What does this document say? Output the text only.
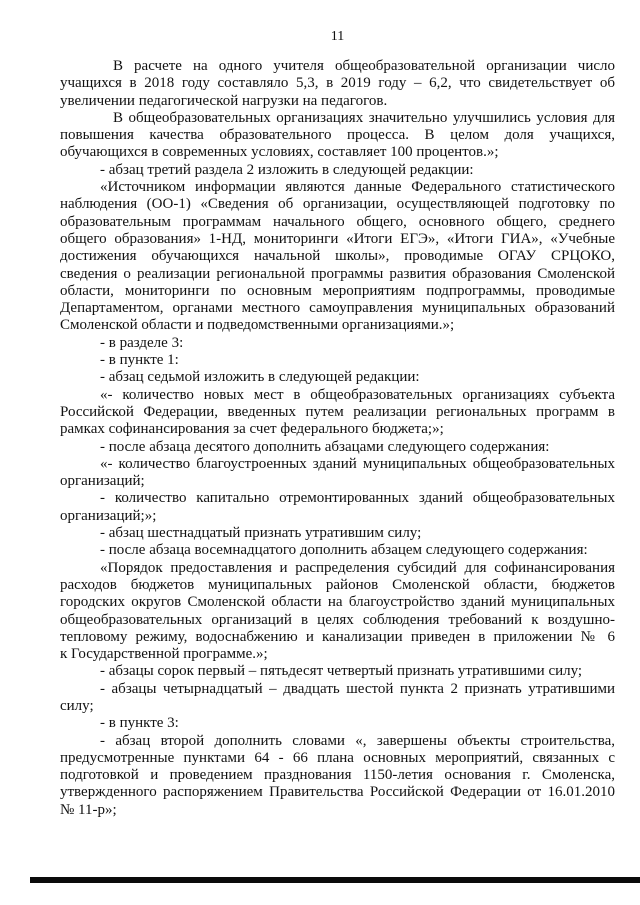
11
В расчете на одного учителя общеобразовательной организации число
учащихся в 2018 году составляло 5,3, в 2019 году – 6,2, что свидетельствует об
увеличении педагогической нагрузки на педагогов.
В общеобразовательных организациях значительно улучшились условия для
повышения качества образовательного процесса. В целом доля учащихся,
обучающихся в современных условиях, составляет 100 процентов.»;
- абзац третий раздела 2 изложить в следующей редакции:
«Источником информации являются данные Федерального статистического
наблюдения (ОО-1) «Сведения об организации, осуществляющей подготовку по
образовательным программам начального общего, основного общего, среднего
общего образования» 1-НД, мониторинги «Итоги ЕГЭ», «Итоги ГИА», «Учебные
достижения обучающихся начальной школы», проводимые ОГАУ СРЦОКО,
сведения о реализации региональной программы развития образования Смоленской
области, мониторинги по основным мероприятиям подпрограммы, проводимые
Департаментом, органами местного самоуправления муниципальных образований
Смоленской области и подведомственными организациями.»;
- в разделе 3:
- в пункте 1:
- абзац седьмой изложить в следующей редакции:
«- количество новых мест в общеобразовательных организациях субъекта
Российской Федерации, введенных путем реализации региональных программ в
рамках софинансирования за счет федерального бюджета;»;
- после абзаца десятого дополнить абзацами следующего содержания:
«- количество благоустроенных зданий муниципальных общеобразовательных
организаций;
- количество капитально отремонтированных зданий общеобразовательных
организаций;»;
- абзац шестнадцатый признать утратившим силу;
- после абзаца восемнадцатого дополнить абзацем следующего содержания:
«Порядок предоставления и распределения субсидий для софинансирования
расходов бюджетов муниципальных районов Смоленской области, бюджетов
городских округов Смоленской области на благоустройство зданий муниципальных
общеобразовательных организаций в целях соблюдения требований к воздушно-
тепловому режиму, водоснабжению и канализации приведен в приложении № 6
к Государственной программе.»;
- абзацы сорок первый – пятьдесят четвертый признать утратившими силу;
- абзацы четырнадцатый – двадцать шестой пункта 2 признать утратившими
силу;
- в пункте 3:
- абзац второй дополнить словами «, завершены объекты строительства,
предусмотренные пунктами 64 - 66 плана основных мероприятий, связанных с
подготовкой и проведением празднования 1150-летия основания г. Смоленска,
утвержденного распоряжением Правительства Российской Федерации от 16.01.2010
№ 11-р»;
